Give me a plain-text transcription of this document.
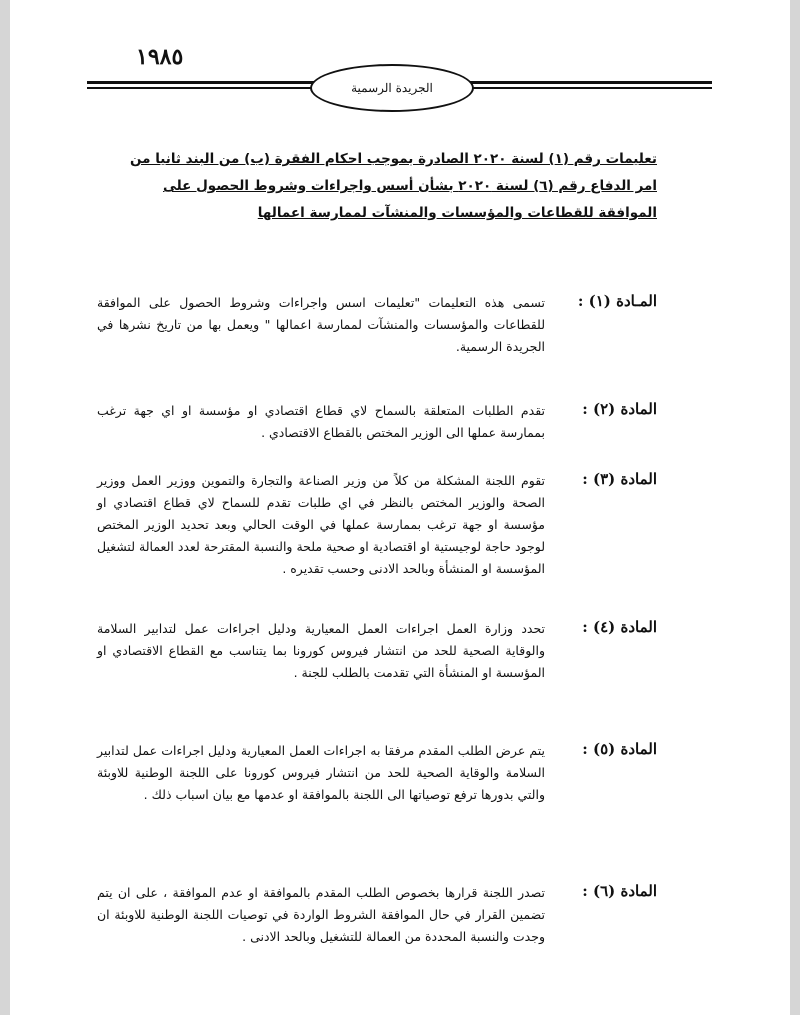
١٩٨٥
الجريدة الرسمية
تعليمات رقم (١) لسنة ٢٠٢٠ الصادرة بموجب احكام الفقرة (ب) من البند ثانيا من امر الدفاع رقم (٦) لسنة ٢٠٢٠ بشأن أسس واجراءات وشروط الحصول على الموافقة للقطاعات والمؤسسات والمنشآت لممارسة اعمالها
المـادة (١) :
تسمى هذه التعليمات "تعليمات اسس واجراءات وشروط الحصول على الموافقة للقطاعات والمؤسسات والمنشآت لممارسة اعمالها " ويعمل بها من تاريخ نشرها في الجريدة الرسمية.
المادة (٢) :
تقدم الطلبات المتعلقة بالسماح لاي قطاع اقتصادي او مؤسسة او اي جهة ترغب بممارسة عملها الى الوزير المختص بالقطاع الاقتصادي .
المادة (٣) :
تقوم اللجنة المشكلة من كلاً من وزير الصناعة والتجارة والتموين ووزير العمل ووزير الصحة والوزير المختص بالنظر في اي طلبات تقدم للسماح لاي قطاع اقتصادي او مؤسسة او جهة ترغب بممارسة عملها في الوقت الحالي وبعد تحديد الوزير المختص لوجود حاجة لوجيستية او اقتصادية او صحية ملحة والنسبة المقترحة لعدد العمالة لتشغيل المؤسسة او المنشأة وبالحد الادنى وحسب تقديره .
المادة (٤) :
تحدد وزارة العمل اجراءات العمل المعيارية ودليل اجراءات عمل لتدابير السلامة والوقاية الصحية للحد من انتشار فيروس كورونا بما يتناسب مع القطاع الاقتصادي او المؤسسة او المنشأة التي تقدمت بالطلب للجنة .
المادة (٥) :
يتم عرض الطلب المقدم مرفقا به اجراءات العمل المعيارية ودليل اجراءات عمل لتدابير السلامة والوقاية الصحية للحد من انتشار فيروس كورونا على اللجنة الوطنية للاوبئة والتي بدورها ترفع توصياتها الى اللجنة بالموافقة او عدمها مع بيان اسباب ذلك .
المادة (٦) :
تصدر اللجنة قرارها بخصوص الطلب المقدم بالموافقة او عدم الموافقة ، على ان يتم تضمين القرار في حال الموافقة الشروط الواردة في توصيات اللجنة الوطنية للاوبئة ان وجدت والنسبة المحددة من العمالة للتشغيل وبالحد الادنى .
